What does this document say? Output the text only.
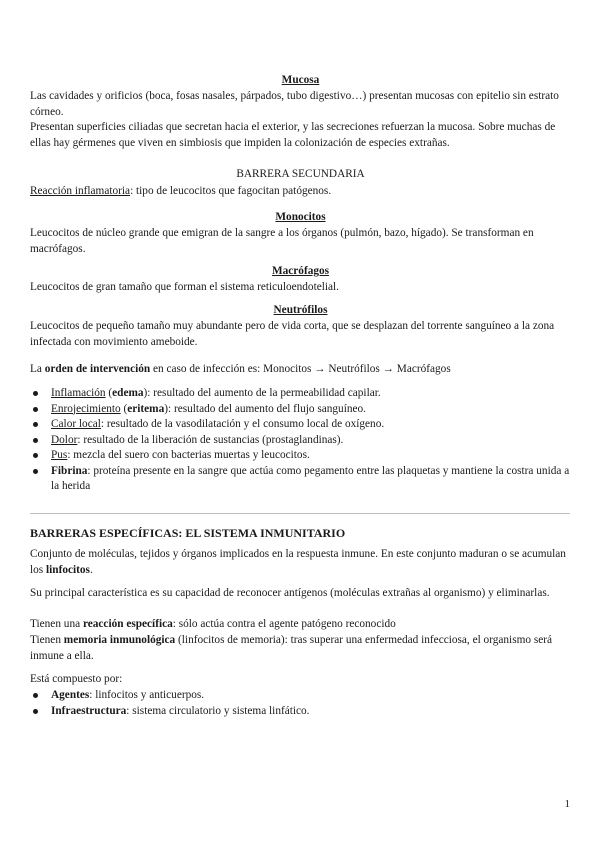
Mucosa
Las cavidades y orificios (boca, fosas nasales, párpados, tubo digestivo…) presentan mucosas con epitelio sin estrato córneo.
Presentan superficies ciliadas que secretan hacia el exterior, y las secreciones refuerzan la mucosa. Sobre muchas de ellas hay gérmenes que viven en simbiosis que impiden la colonización de especies extrañas.
BARRERA SECUNDARIA
Reacción inflamatoria: tipo de leucocitos que fagocitan patógenos.
Monocitos
Leucocitos de núcleo grande que emigran de la sangre a los órganos (pulmón, bazo, hígado). Se transforman en macrófagos.
Macrófagos
Leucocitos de gran tamaño que forman el sistema reticuloendotelial.
Neutrófilos
Leucocitos de pequeño tamaño muy abundante pero de vida corta, que se desplazan del torrente sanguíneo a la zona infectada con movimiento ameboide.
La orden de intervención en caso de infección es: Monocitos → Neutrófilos → Macrófagos
Inflamación (edema): resultado del aumento de la permeabilidad capilar.
Enrojecimiento (eritema): resultado del aumento del flujo sanguíneo.
Calor local: resultado de la vasodilatación y el consumo local de oxígeno.
Dolor: resultado de la liberación de sustancias (prostaglandinas).
Pus: mezcla del suero con bacterias muertas y leucocitos.
Fibrina: proteína presente en la sangre que actúa como pegamento entre las plaquetas y mantiene la costra unida a la herida
BARRERAS ESPECÍFICAS: EL SISTEMA INMUNITARIO
Conjunto de moléculas, tejidos y órganos implicados en la respuesta inmune. En este conjunto maduran o se acumulan los linfocitos.
Su principal característica es su capacidad de reconocer antígenos (moléculas extrañas al organismo) y eliminarlas.
Tienen una reacción específica: sólo actúa contra el agente patógeno reconocido
Tienen memoria inmunológica (linfocitos de memoria): tras superar una enfermedad infecciosa, el organismo será inmune a ella.
Está compuesto por:
Agentes: linfocitos y anticuerpos.
Infraestructura: sistema circulatorio y sistema linfático.
1
